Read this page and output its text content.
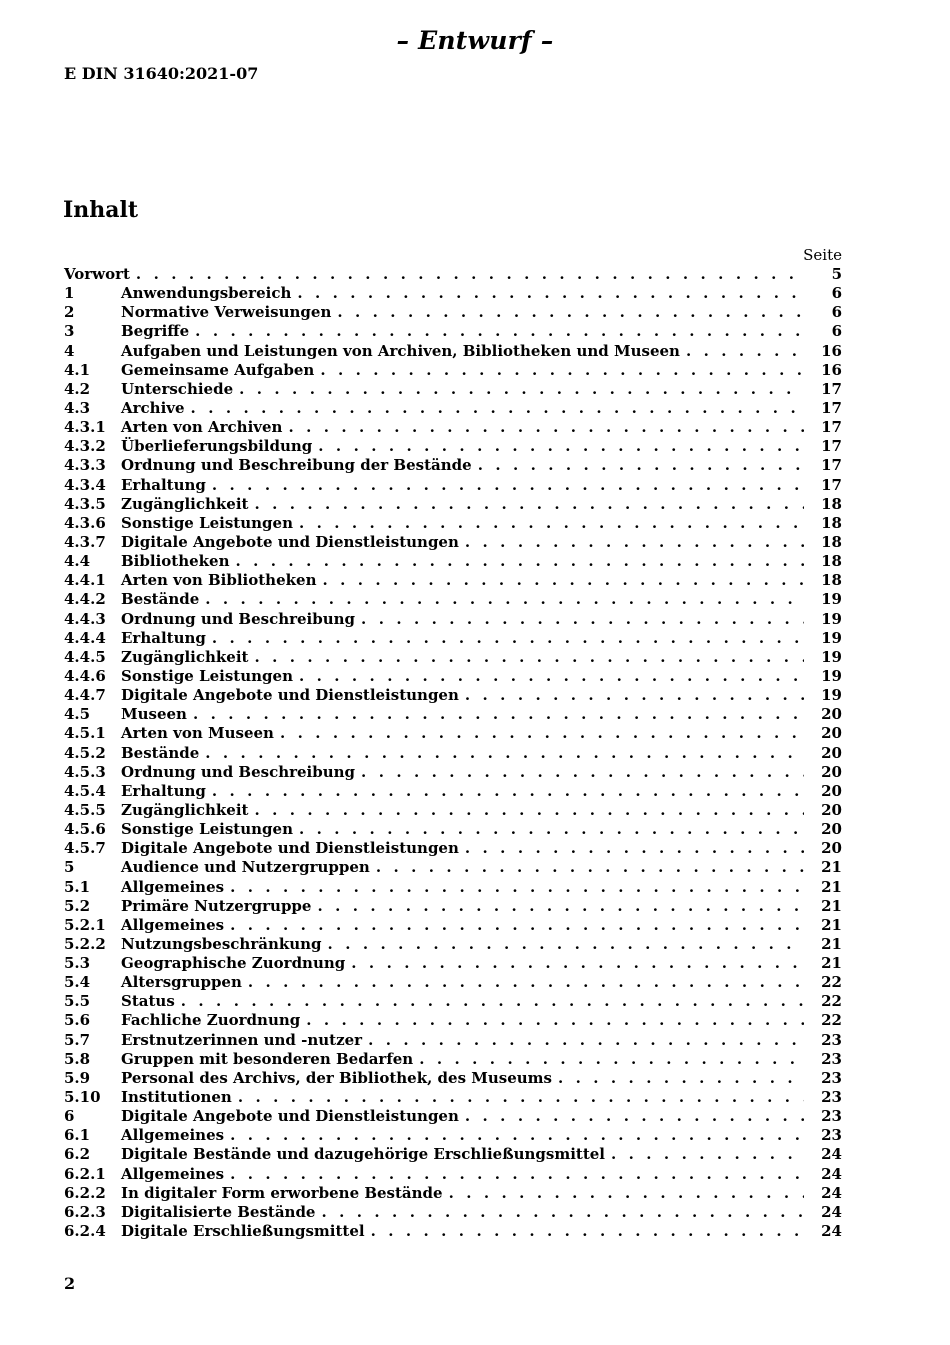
– Entwurf –
E DIN 31640:2021-07
Inhalt
Seite
Vorwort . . .	5
1	Anwendungsbereich . . .	6
2	Normative Verweisungen . . .	6
3	Begriffe . . .	6
4	Aufgaben und Leistungen von Archiven, Bibliotheken und Museen . . .	16
4.1	Gemeinsame Aufgaben . . .	16
4.2	Unterschiede . . .	17
4.3	Archive . . .	17
4.3.1	Arten von Archiven . . .	17
4.3.2	Überlieferungsbildung . . .	17
4.3.3	Ordnung und Beschreibung der Bestände . . .	17
4.3.4	Erhaltung . . .	17
4.3.5	Zugänglichkeit . . .	18
4.3.6	Sonstige Leistungen . . .	18
4.3.7	Digitale Angebote und Dienstleistungen . . .	18
4.4	Bibliotheken . . .	18
4.4.1	Arten von Bibliotheken . . .	18
4.4.2	Bestände . . .	19
4.4.3	Ordnung und Beschreibung . . .	19
4.4.4	Erhaltung . . .	19
4.4.5	Zugänglichkeit . . .	19
4.4.6	Sonstige Leistungen . . .	19
4.4.7	Digitale Angebote und Dienstleistungen . . .	19
4.5	Museen . . .	20
4.5.1	Arten von Museen . . .	20
4.5.2	Bestände . . .	20
4.5.3	Ordnung und Beschreibung . . .	20
4.5.4	Erhaltung . . .	20
4.5.5	Zugänglichkeit . . .	20
4.5.6	Sonstige Leistungen . . .	20
4.5.7	Digitale Angebote und Dienstleistungen . . .	20
5	Audience und Nutzergruppen . . .	21
5.1	Allgemeines . . .	21
5.2	Primäre Nutzergruppe . . .	21
5.2.1	Allgemeines . . .	21
5.2.2	Nutzungsbeschränkung . . .	21
5.3	Geographische Zuordnung . . .	21
5.4	Altersgruppen . . .	22
5.5	Status . . .	22
5.6	Fachliche Zuordnung . . .	22
5.7	Erstnutzerinnen und -nutzer . . .	23
5.8	Gruppen mit besonderen Bedarfen . . .	23
5.9	Personal des Archivs, der Bibliothek, des Museums . . .	23
5.10	Institutionen . . .	23
6	Digitale Angebote und Dienstleistungen . . .	23
6.1	Allgemeines . . .	23
6.2	Digitale Bestände und dazugehörige Erschließungsmittel . . .	24
6.2.1	Allgemeines . . .	24
6.2.2	In digitaler Form erworbene Bestände . . .	24
6.2.3	Digitalisierte Bestände . . .	24
6.2.4	Digitale Erschließungsmittel . . .	24
2
